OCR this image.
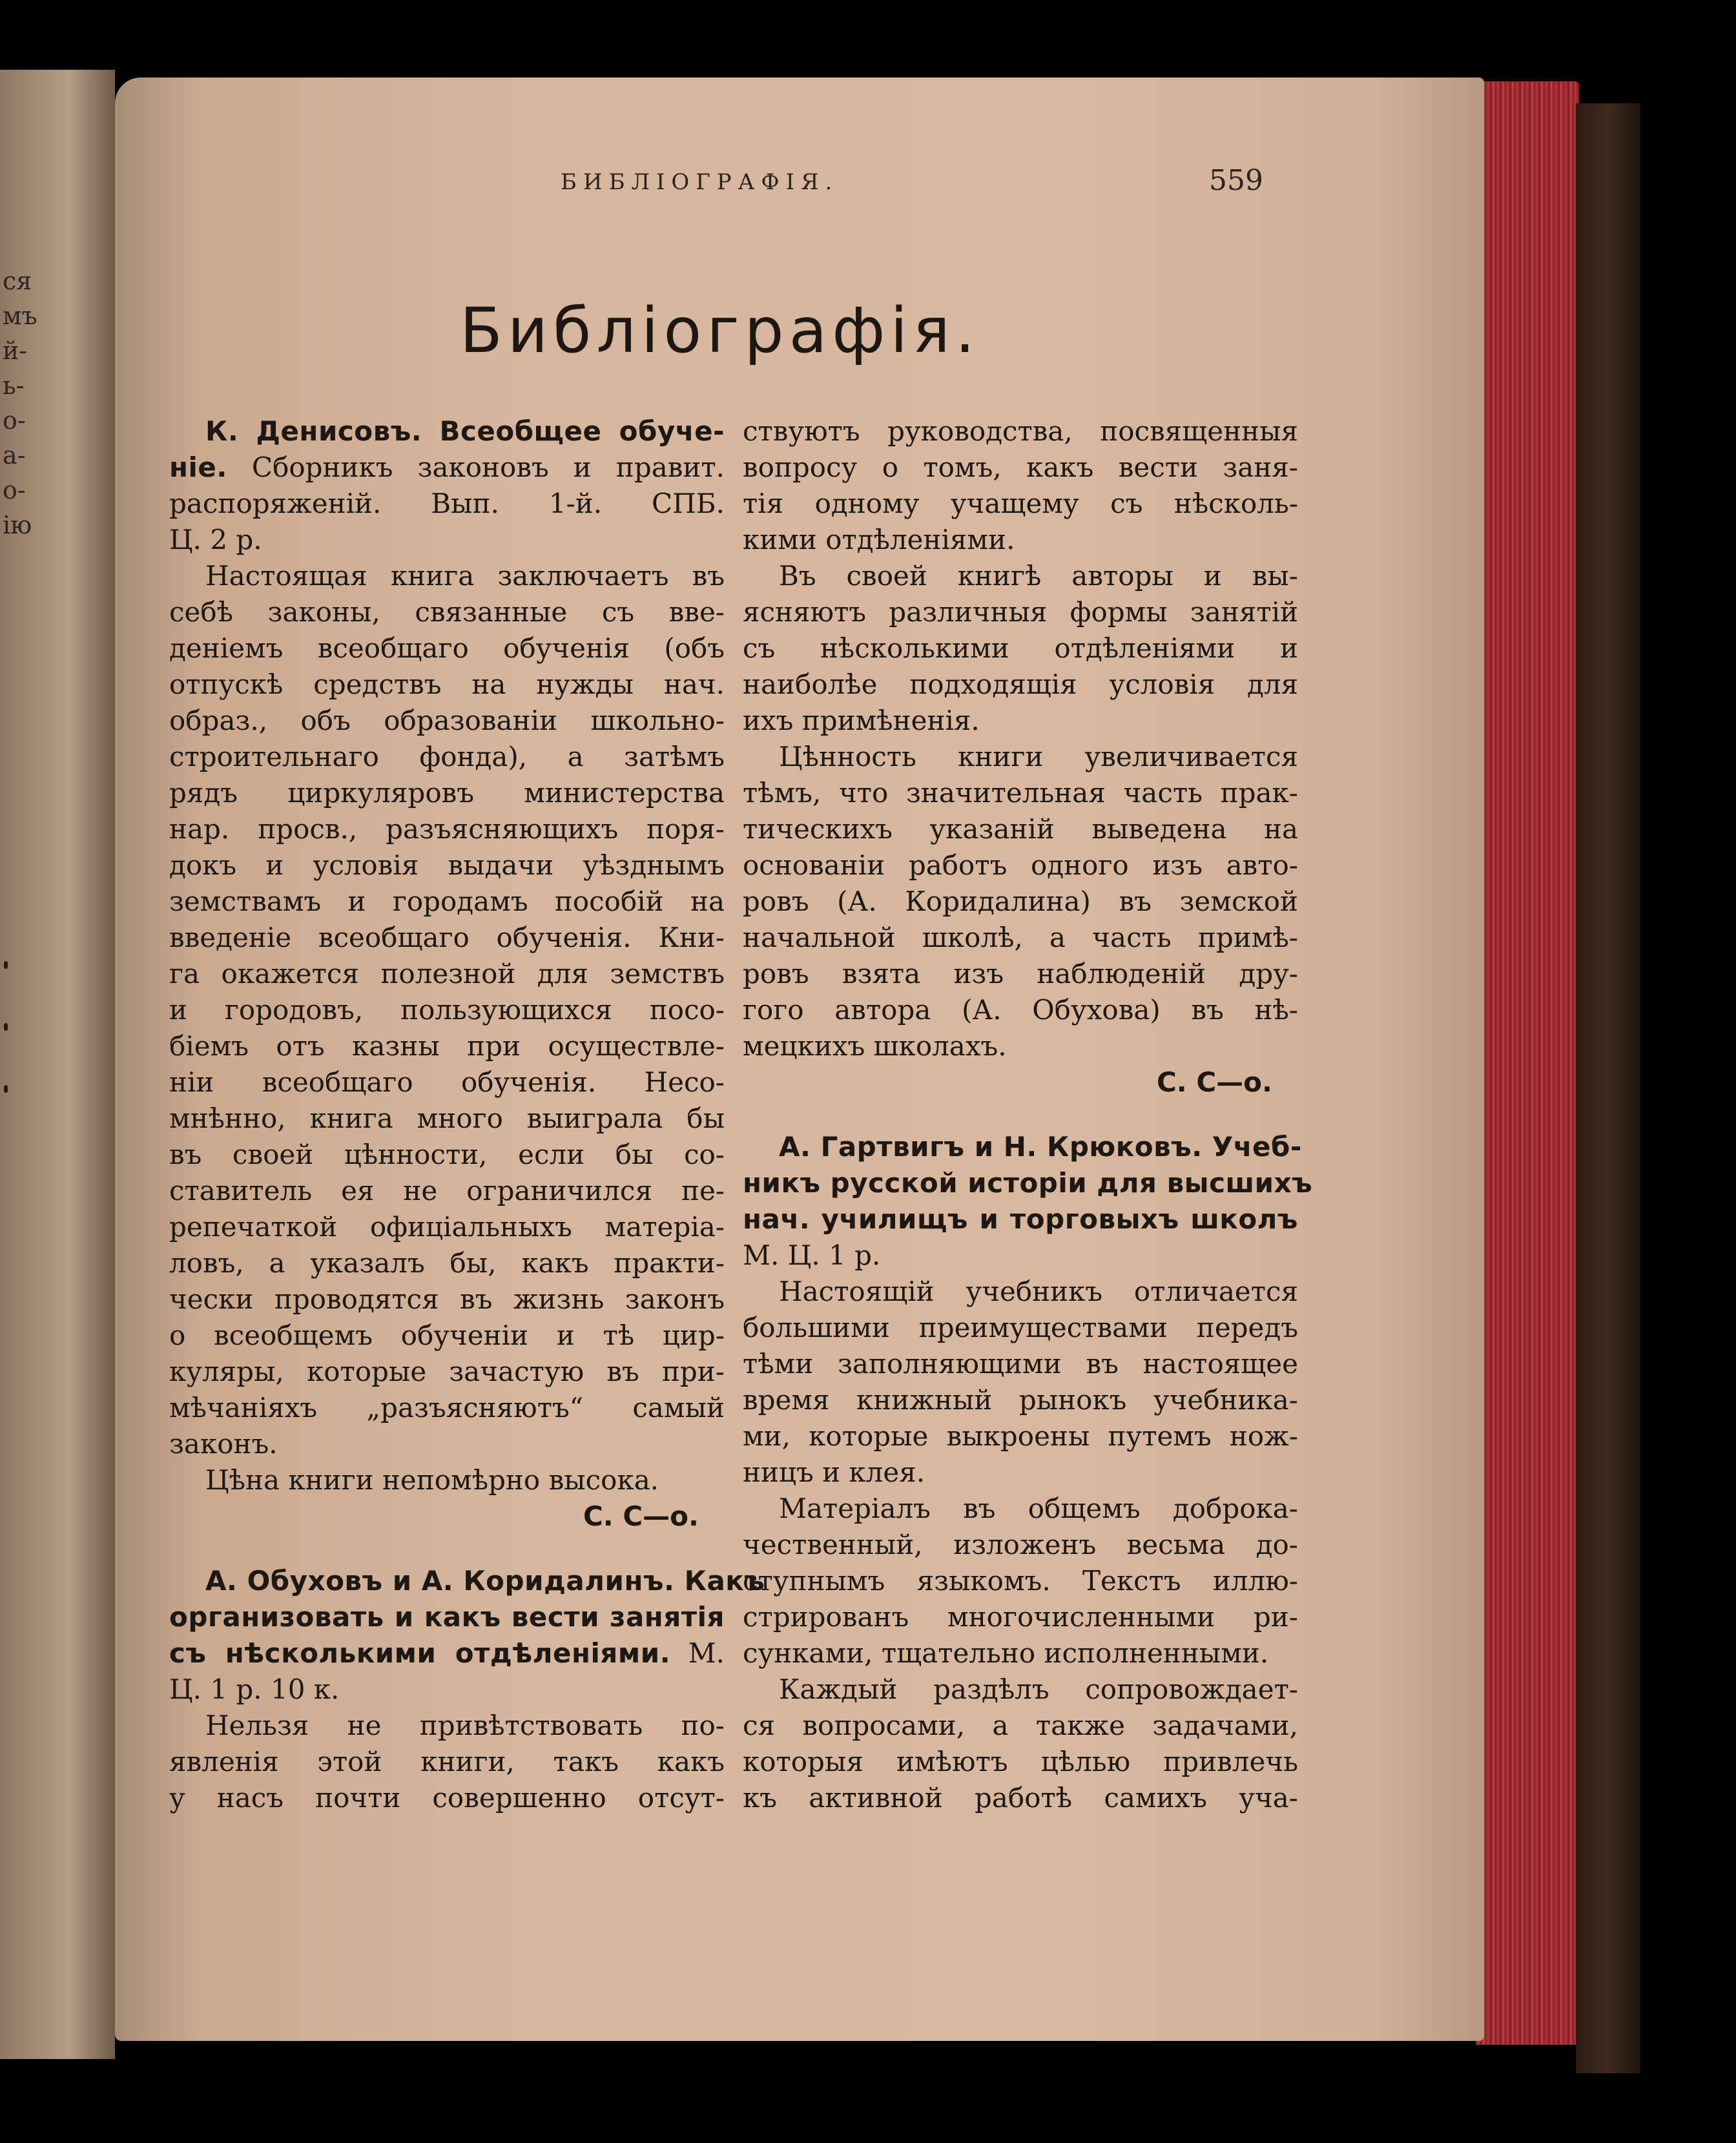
ся
мъ
й-
ь-
о-
а-
о-
ію
БИБЛІОГРАФІЯ.	559
Библіографія.
К. Денисовъ. Всеобщее обуче-
ніе. Сборникъ законовъ и правит.
распоряженій. Вып. 1-й. СПБ.
Ц. 2 р.
Настоящая книга заключаетъ въ
себѣ законы, связанные съ вве-
деніемъ всеобщаго обученія (объ
отпускѣ средствъ на нужды нач.
образ., объ образованіи школьно-
строительнаго фонда), а затѣмъ
рядъ циркуляровъ министерства
нар. просв., разъясняющихъ поря-
докъ и условія выдачи уѣзднымъ
земствамъ и городамъ пособій на
введеніе всеобщаго обученія. Кни-
га окажется полезной для земствъ
и городовъ, пользующихся посо-
біемъ отъ казны при осуществле-
ніи всеобщаго обученія. Несо-
мнѣнно, книга много выиграла бы
въ своей цѣнности, если бы со-
ставитель ея не ограничился пе-
репечаткой офиціальныхъ матеріа-
ловъ, а указалъ бы, какъ практи-
чески проводятся въ жизнь законъ
о всеобщемъ обученіи и тѣ цир-
куляры, которые зачастую въ при-
мѣчаніяхъ „разъясняютъ“ самый
законъ.
Цѣна книги непомѣрно высока.
С. С—о.
А. Обуховъ и А. Коридалинъ. Какъ
организовать и какъ вести занятія
съ нѣсколькими отдѣленіями. М.
Ц. 1 р. 10 к.
Нельзя не привѣтствовать по-
явленія этой книги, такъ какъ
у насъ почти совершенно отсут-
ствуютъ руководства, посвященныя
вопросу о томъ, какъ вести заня-
тія одному учащему съ нѣсколь-
кими отдѣленіями.
Въ своей книгѣ авторы и вы-
ясняютъ различныя формы занятій
съ нѣсколькими отдѣленіями и
наиболѣе подходящія условія для
ихъ примѣненія.
Цѣнность книги увеличивается
тѣмъ, что значительная часть прак-
тическихъ указаній выведена на
основаніи работъ одного изъ авто-
ровъ (А. Коридалина) въ земской
начальной школѣ, а часть примѣ-
ровъ взята изъ наблюденій дру-
гого автора (А. Обухова) въ нѣ-
мецкихъ школахъ.
С. С—о.
А. Гартвигъ и Н. Крюковъ. Учеб-
никъ русской исторіи для высшихъ
нач. училищъ и торговыхъ школъ
М. Ц. 1 р.
Настоящій учебникъ отличается
большими преимуществами передъ
тѣми заполняющими въ настоящее
время книжный рынокъ учебника-
ми, которые выкроены путемъ нож-
ницъ и клея.
Матеріалъ въ общемъ доброка-
чественный, изложенъ весьма до-
ступнымъ языкомъ. Текстъ иллю-
стрированъ многочисленными ри-
сунками, тщательно исполненными.
Каждый раздѣлъ сопровождает-
ся вопросами, а также задачами,
которыя имѣютъ цѣлью привлечь
къ активной работѣ самихъ уча-
